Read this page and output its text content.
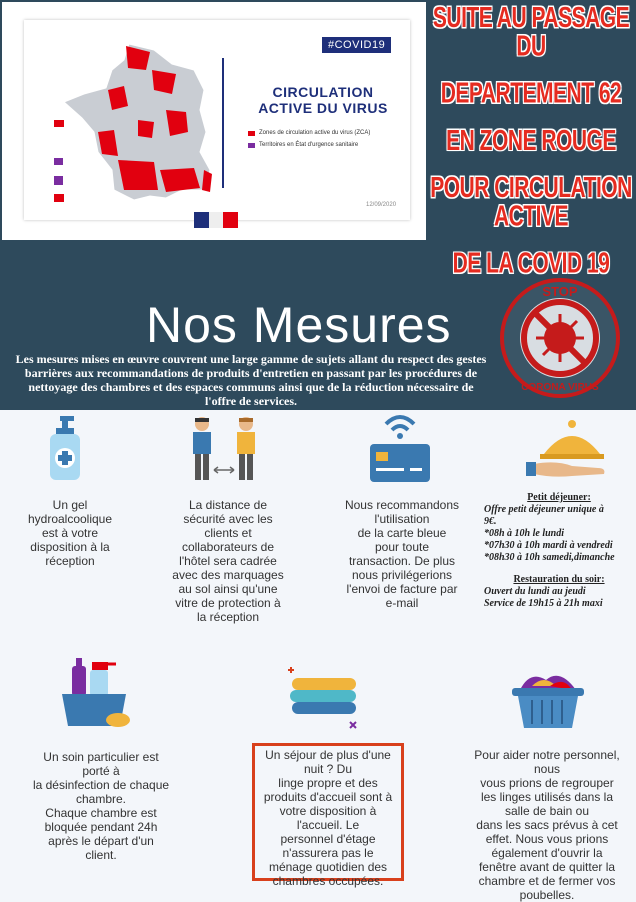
#COVID19
CIRCULATION
ACTIVE DU VIRUS
Zones de circulation active du virus (ZCA)
Territoires en État d'urgence sanitaire
12/09/2020
SUITE AU PASSAGE DU
DEPARTEMENT 62
EN ZONE ROUGE
POUR CIRCULATION ACTIVE
DE LA COVID 19
Nos Mesures
STOP
CORONA VIRUS
Les mesures mises en œuvre couvrent une large gamme de sujets allant du respect des gestes barrières aux recommandations de produits d'entretien en passant par les procédures de nettoyage des chambres et des espaces communs ainsi que de la réduction nécessaire de l'offre de services.
Un gel
hydroalcoolique
est à votre
disposition à la
réception
La distance de
sécurité avec les
clients et
collaborateurs de
l'hôtel sera cadrée
avec des marquages
au sol ainsi qu'une
vitre de protection à
la réception
Nous recommandons
l'utilisation
de la carte bleue
pour toute
transaction. De plus
nous privilégerions
l'envoi de facture par
e-mail
Petit déjeuner:
Offre petit déjeuner unique à
9€.
*08h à 10h le lundi
*07h30 à 10h mardi à vendredi
*08h30 à 10h samedi,dimanche
Restauration du soir:
Ouvert du lundi au jeudi
Service de 19h15 à 21h maxi
Un soin particulier est
porté à
la désinfection de chaque
chambre.
Chaque chambre est
bloquée pendant 24h
après le départ d'un
client.
Un séjour de plus d'une
nuit ? Du
linge propre et des
produits d'accueil sont à
votre disposition à
l'accueil. Le
personnel d'étage
n'assurera pas le
ménage quotidien des
chambres occupées.
Pour aider notre personnel,
nous
vous prions de regrouper
les linges utilisés dans la
salle de bain ou
dans les sacs prévus à cet
effet. Nous vous prions
également d'ouvrir la
fenêtre avant de quitter la
chambre et de fermer vos
poubelles.
